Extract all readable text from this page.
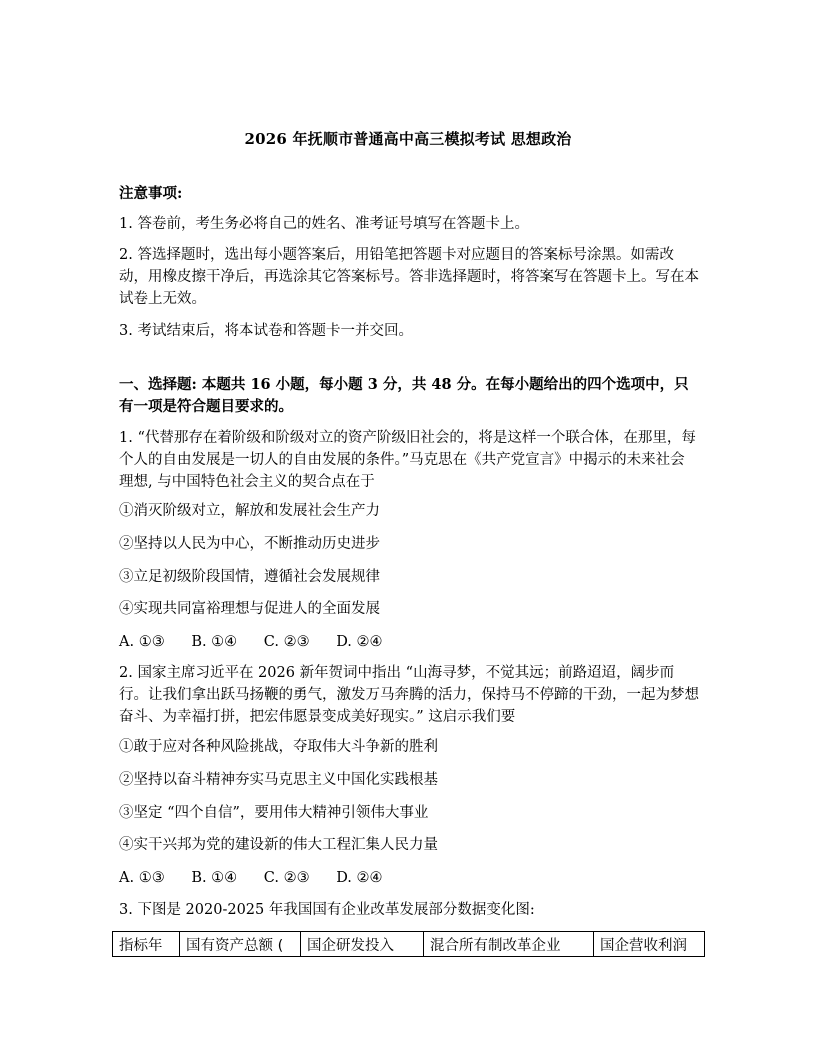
2026 年抚顺市普通高中高三模拟考试 思想政治
注意事项:
1. 答卷前，考生务必将自己的姓名、准考证号填写在答题卡上。
2. 答选择题时，选出每小题答案后，用铅笔把答题卡对应题目的答案标号涂黑。如需改动，用橡皮擦干净后，再选涂其它答案标号。答非选择题时，将答案写在答题卡上。写在本试卷上无效。
3. 考试结束后，将本试卷和答题卡一并交回。
一、选择题: 本题共 16 小题，每小题 3 分，共 48 分。在每小题给出的四个选项中，只有一项是符合题目要求的。
1. “代替那存在着阶级和阶级对立的资产阶级旧社会的，将是这样一个联合体，在那里，每个人的自由发展是一切人的自由发展的条件。”马克思在《共产党宣言》中揭示的未来社会理想, 与中国特色社会主义的契合点在于
①消灭阶级对立，解放和发展社会生产力
②坚持以人民为中心，不断推动历史进步
③立足初级阶段国情，遵循社会发展规律
④实现共同富裕理想与促进人的全面发展
A. ①③ B. ①④ C. ②③ D. ②④
2. 国家主席习近平在 2026 新年贺词中指出 “山海寻梦，不觉其远；前路迢迢，阔步而行。让我们拿出跃马扬鞭的勇气，激发万马奔腾的活力，保持马不停蹄的干劲，一起为梦想奋斗、为幸福打拼，把宏伟愿景变成美好现实。” 这启示我们要
①敢于应对各种风险挑战，夺取伟大斗争新的胜利
②坚持以奋斗精神夯实马克思主义中国化实践根基
③坚定 “四个自信”，要用伟大精神引领伟大事业
④实干兴邦为党的建设新的伟大工程汇集人民力量
A. ①③ B. ①④ C. ②③ D. ②④
3. 下图是 2020-2025 年我国国有企业改革发展部分数据变化图:
指标年	国有资产总额 (	国企研发投入	混合所有制改革企业	国企营收利润
